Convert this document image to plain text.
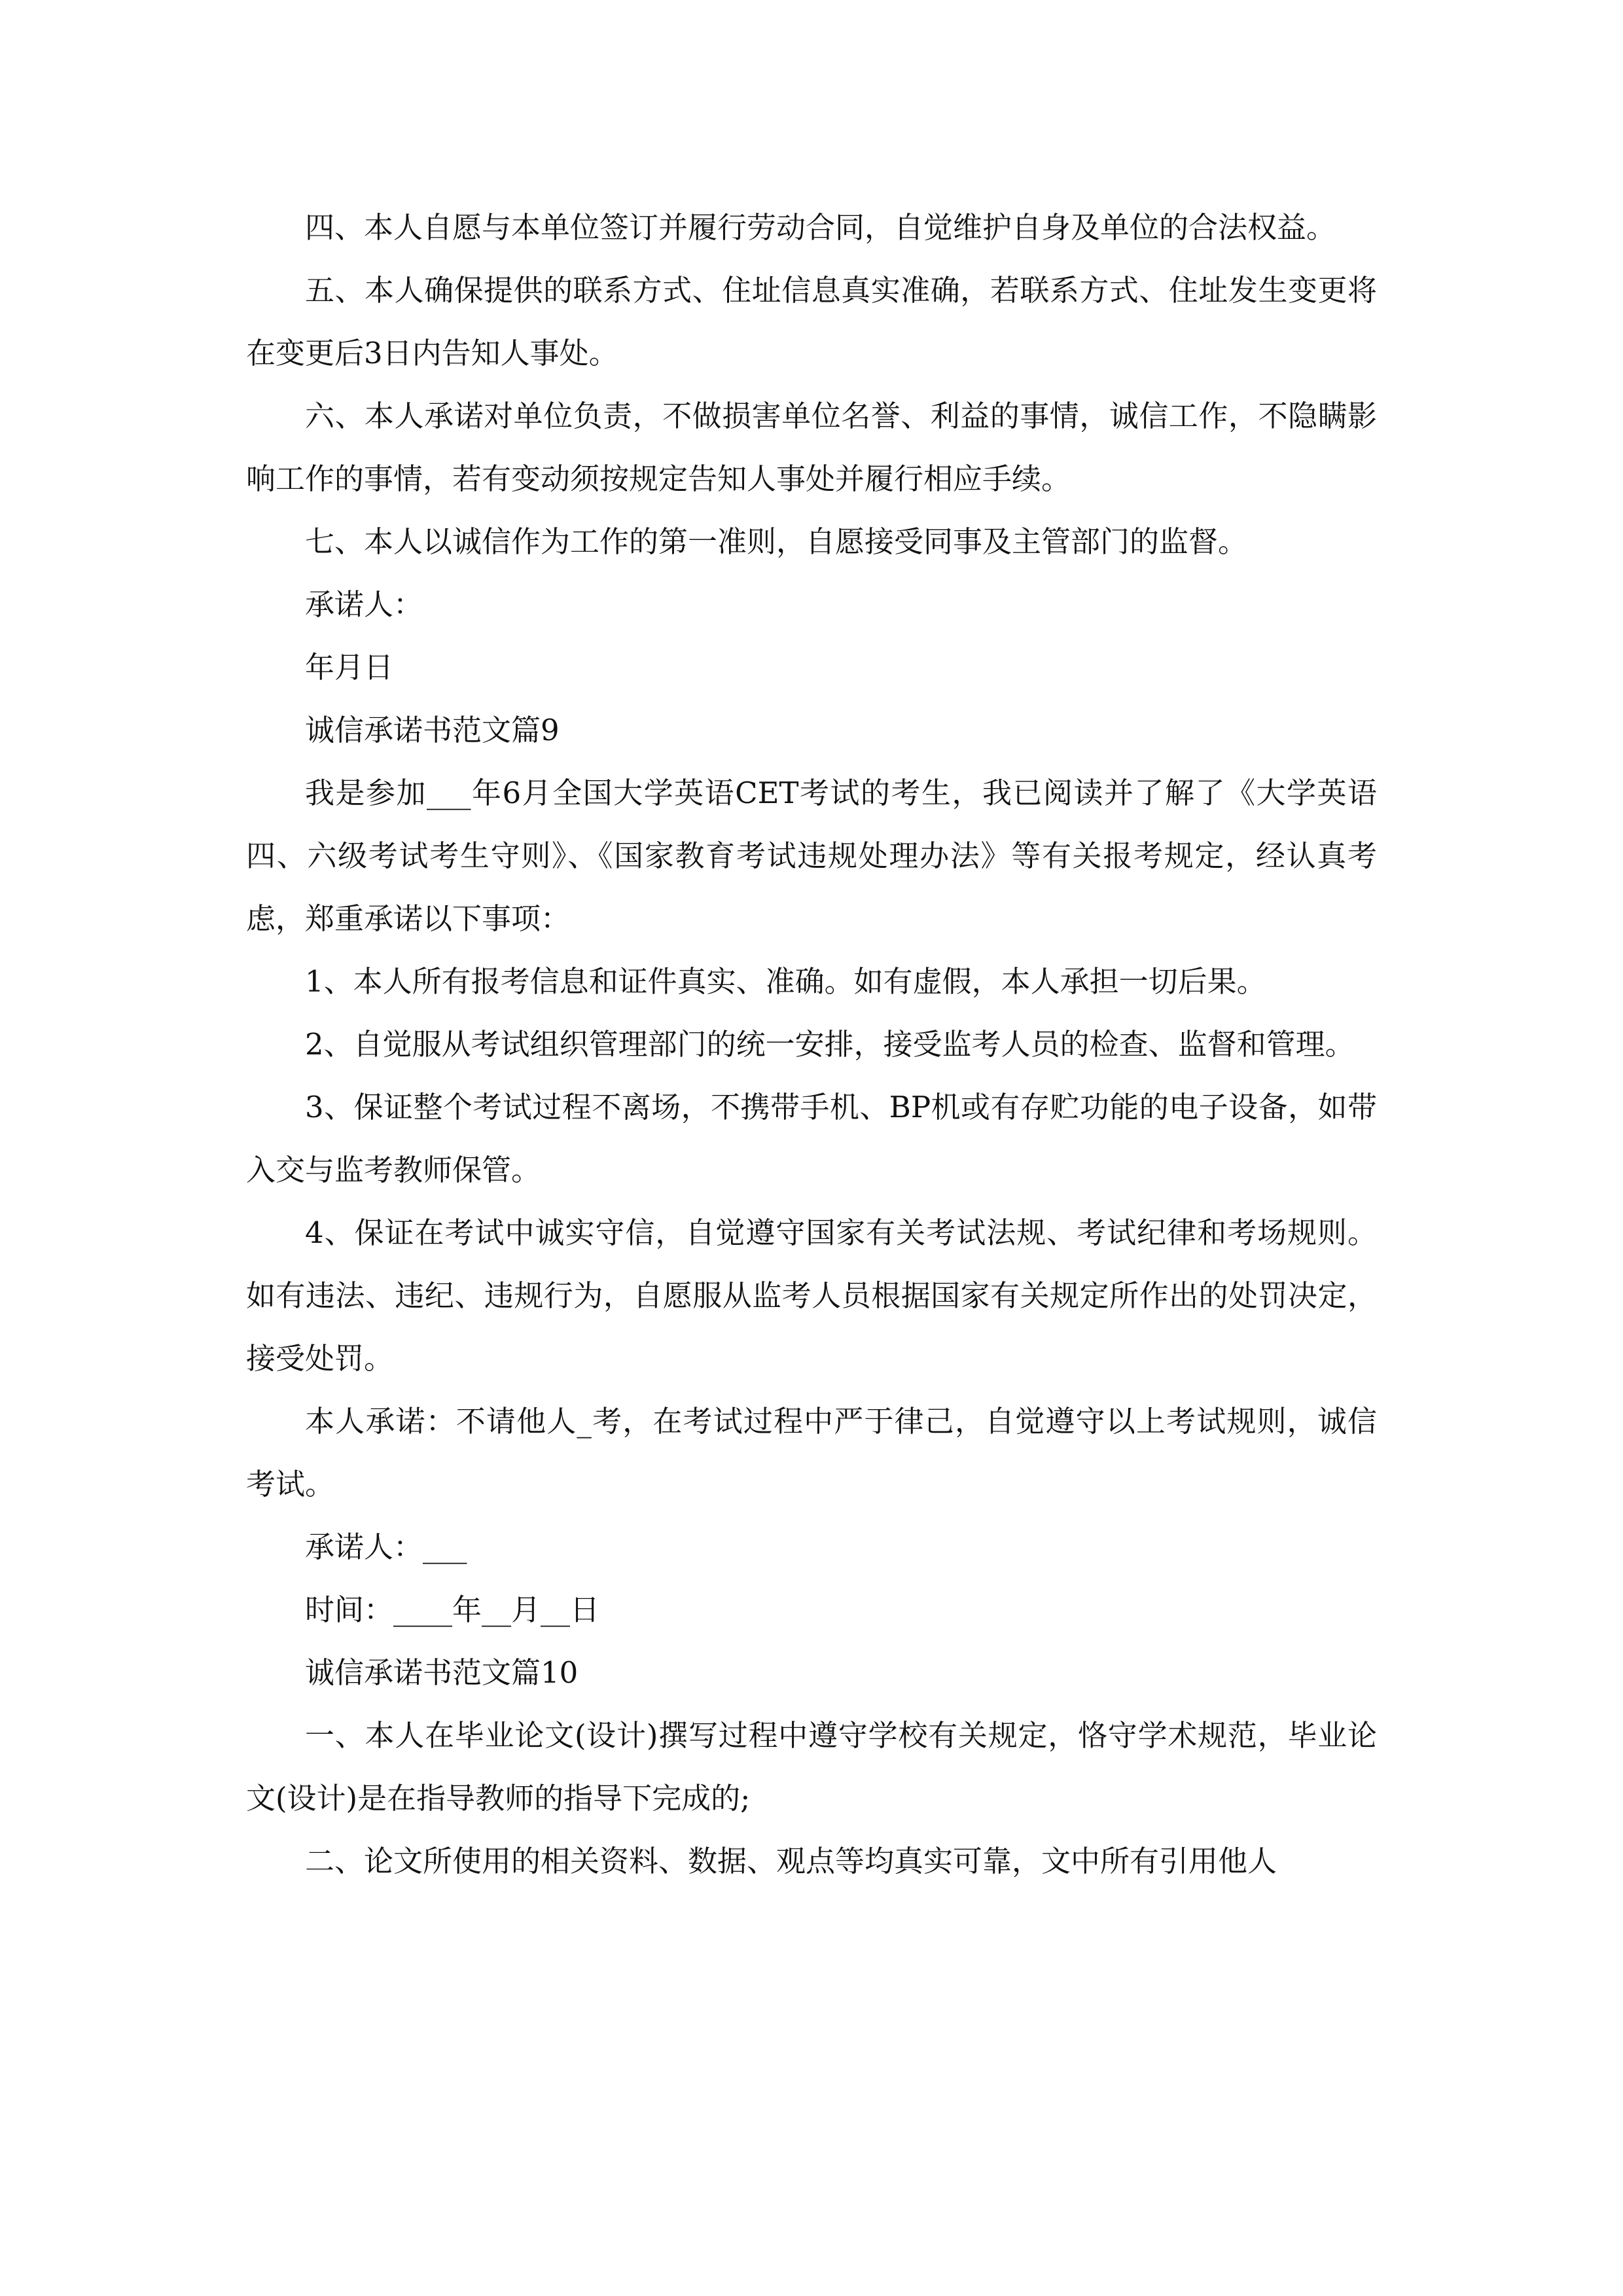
四、本人自愿与本单位签订并履行劳动合同，自觉维护自身及单位的合法权益。

五、本人确保提供的联系方式、住址信息真实准确，若联系方式、住址发生变更将在变更后3日内告知人事处。

六、本人承诺对单位负责，不做损害单位名誉、利益的事情，诚信工作，不隐瞒影响工作的事情，若有变动须按规定告知人事处并履行相应手续。

七、本人以诚信作为工作的第一准则，自愿接受同事及主管部门的监督。

承诺人：

年月日

诚信承诺书范文篇9

我是参加___年6月全国大学英语CET考试的考生，我已阅读并了解了《大学英语四、六级考试考生守则》、《国家教育考试违规处理办法》等有关报考规定，经认真考虑，郑重承诺以下事项：

1、本人所有报考信息和证件真实、准确。如有虚假，本人承担一切后果。

2、自觉服从考试组织管理部门的统一安排，接受监考人员的检查、监督和管理。

3、保证整个考试过程不离场，不携带手机、BP机或有存贮功能的电子设备，如带入交与监考教师保管。

4、保证在考试中诚实守信，自觉遵守国家有关考试法规、考试纪律和考场规则。如有违法、违纪、违规行为，自愿服从监考人员根据国家有关规定所作出的处罚决定，接受处罚。

本人承诺：不请他人_考，在考试过程中严于律己，自觉遵守以上考试规则，诚信考试。

承诺人：___

时间：____年__月__日

诚信承诺书范文篇10

一、本人在毕业论文(设计)撰写过程中遵守学校有关规定，恪守学术规范，毕业论文(设计)是在指导教师的指导下完成的;

二、论文所使用的相关资料、数据、观点等均真实可靠，文中所有引用他人
